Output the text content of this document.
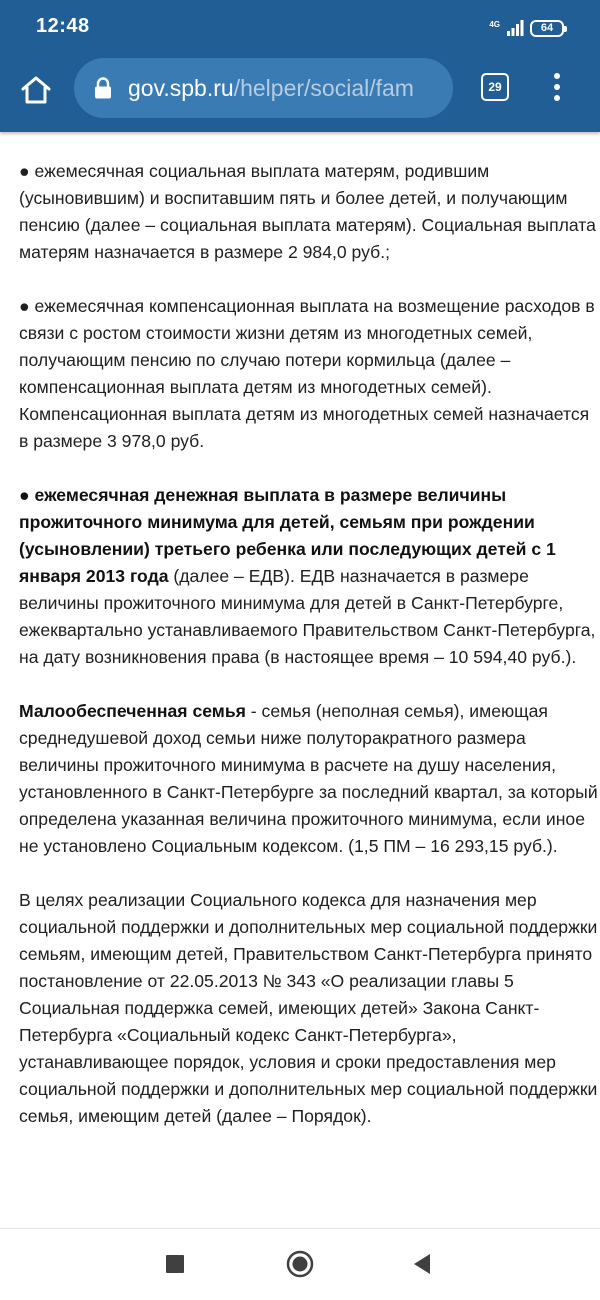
12:48	4G	64
gov.spb.ru/helper/social/fam	29

● ежемесячная социальная выплата матерям, родившим (усыновившим) и воспитавшим пять и более детей, и получающим пенсию (далее – социальная выплата матерям). Социальная выплата матерям назначается в размере 2 984,0 руб.;

● ежемесячная компенсационная выплата на возмещение расходов в связи с ростом стоимости жизни детям из многодетных семей, получающим пенсию по случаю потери кормильца (далее – компенсационная выплата детям из многодетных семей). Компенсационная выплата детям из многодетных семей назначается в размере 3 978,0 руб.

● ежемесячная денежная выплата в размере величины прожиточного минимума для детей, семьям при рождении (усыновлении) третьего ребенка или последующих детей с 1 января 2013 года (далее – ЕДВ). ЕДВ назначается в размере величины прожиточного минимума для детей в Санкт-Петербурге, ежеквартально устанавливаемого Правительством Санкт-Петербурга, на дату возникновения права (в настоящее время – 10 594,40 руб.).

Малообеспеченная семья - семья (неполная семья), имеющая среднедушевой доход семьи ниже полуторакратного размера величины прожиточного минимума в расчете на душу населения, установленного в Санкт-Петербурге за последний квартал, за который определена указанная величина прожиточного минимума, если иное не установлено Социальным кодексом. (1,5 ПМ – 16 293,15 руб.).

В целях реализации Социального кодекса для назначения мер социальной поддержки и дополнительных мер социальной поддержки семьям, имеющим детей, Правительством Санкт-Петербурга принято постановление от 22.05.2013 № 343 «О реализации главы 5 Социальная поддержка семей, имеющих детей» Закона Санкт-Петербурга «Социальный кодекс Санкт-Петербурга», устанавливающее порядок, условия и сроки предоставления мер социальной поддержки и дополнительных мер социальной поддержки семья, имеющим детей (далее – Порядок).
